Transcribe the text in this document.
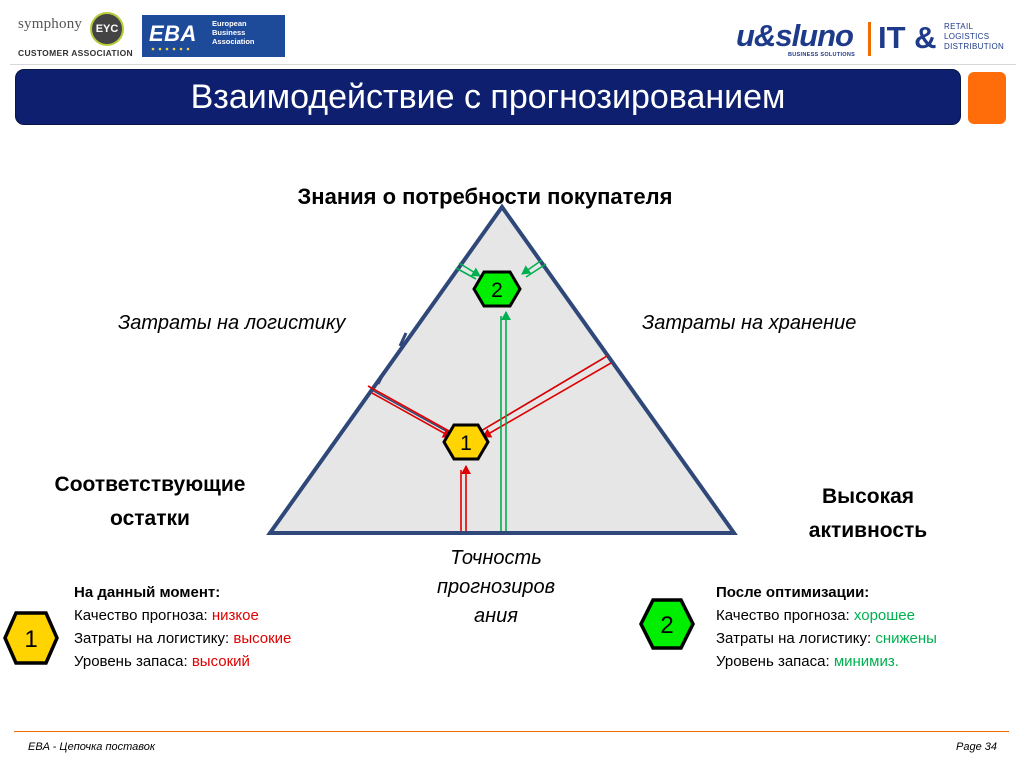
symphony	EYC
CUSTOMER ASSOCIATION
EBA European
Business
Association	u&sluno
BUSINESS SOLUTIONS IT & RETAIL
LOGISTICS
DISTRIBUTION
Взаимодействие с прогнозированием
2
1
1
2
Знания о потребности покупателя
Затраты на логистику	Затраты на хранение
Соответствующие остатки
Высокая активность
Точность прогнозиров ания
На данный момент:
Качество прогноза: низкое
Затраты на логистику: высокие
Уровень запаса: высокий
После оптимизации:
Качество прогноза: хорошее
Затраты на логистику: снижены
Уровень запаса: минимиз.
EBA - Цепочка поставок	Page 34
